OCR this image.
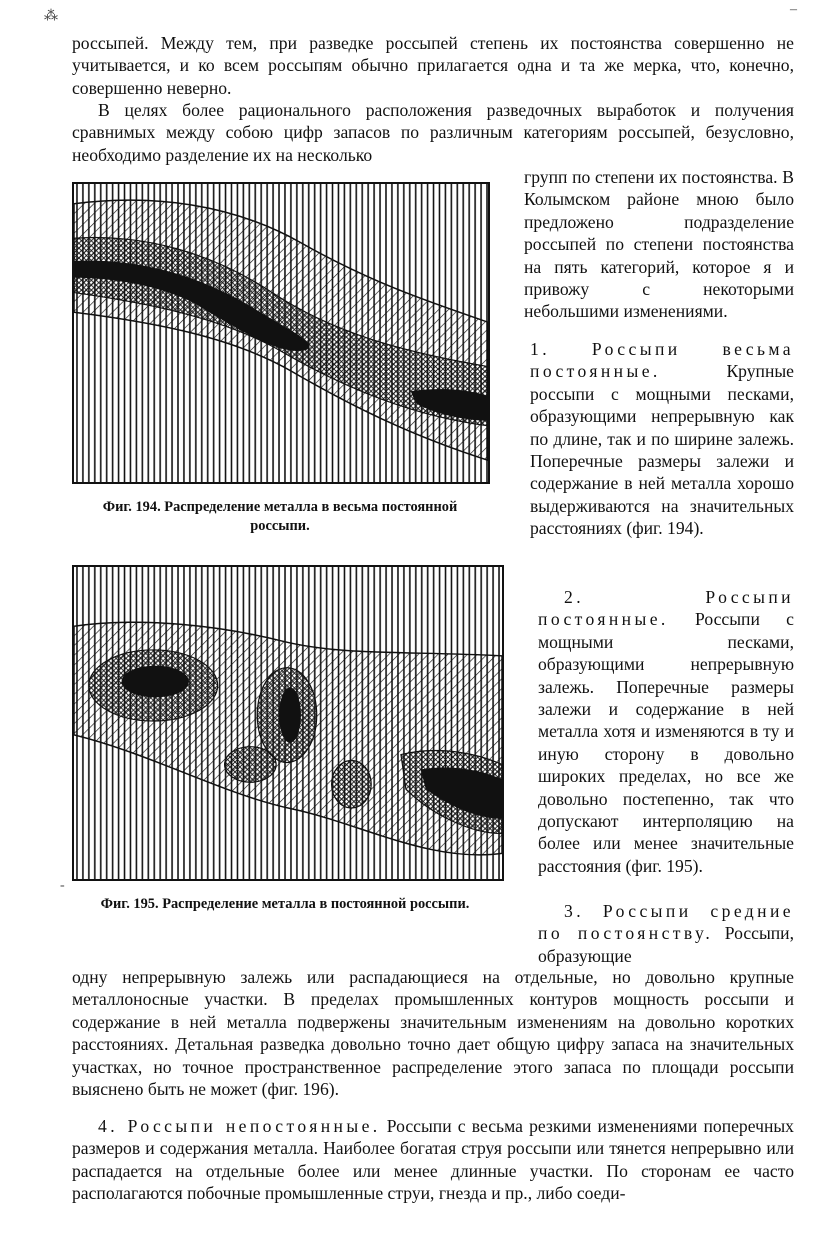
⁂	–
-

россыпей. Между тем, при разведке россыпей степень их постоянства совершенно не учитывается, и ко всем россыпям обычно прилагается одна и та же мерка, что, конечно, совершенно неверно.

В целях более рационального расположения разведочных выработок и получения сравнимых между собою цифр запасов по различным категориям россыпей, безусловно, необходимо разделение их на несколько

групп по степени их постоянства. В Колымском районе мною было предложено подразделение россыпей по степени постоянства на пять категорий, которое я и привожу с некоторыми небольшими изменениями.

Фиг. 194. Распределение металла в весьма постоянной россыпи.

1. Россыпи весьма постоянные.	Крупные россыпи с мощными песками, образующими непрерывную как по длине, так и по ширине залежь. Поперечные размеры залежи и содержание в ней металла хорошо выдерживаются на значительных расстояниях (фиг. 194).

Фиг. 195. Распределение металла в постоянной россыпи.

2. Россыпи постоянные. Россыпи с мощными песками, образующими непрерывную залежь. Поперечные размеры залежи и содержание в ней металла хотя и изменяются в ту и иную сторону в довольно широких пределах, но все же довольно постепенно, так что допускают интерполяцию на более или менее значительные расстояния (фиг. 195).

3. Россыпи средние по постоянству. Россыпи, образующие

одну непрерывную залежь или распадающиеся на отдельные, но довольно крупные металлоносные участки. В пределах промышленных контуров мощность россыпи и содержание в ней металла подвержены значительным изменениям на довольно коротких расстояниях. Детальная разведка довольно точно дает общую цифру запаса на значительных участках, но точное пространственное распределение этого запаса по площади россыпи выяснено быть не может (фиг. 196).

4. Россыпи непостоянные. Россыпи с весьма резкими изменениями поперечных размеров и содержания металла. Наиболее богатая струя россыпи или тянется непрерывно или распадается на отдельные более или менее длинные участки. По сторонам ее часто располагаются побочные промышленные струи, гнезда и пр., либо соеди-
